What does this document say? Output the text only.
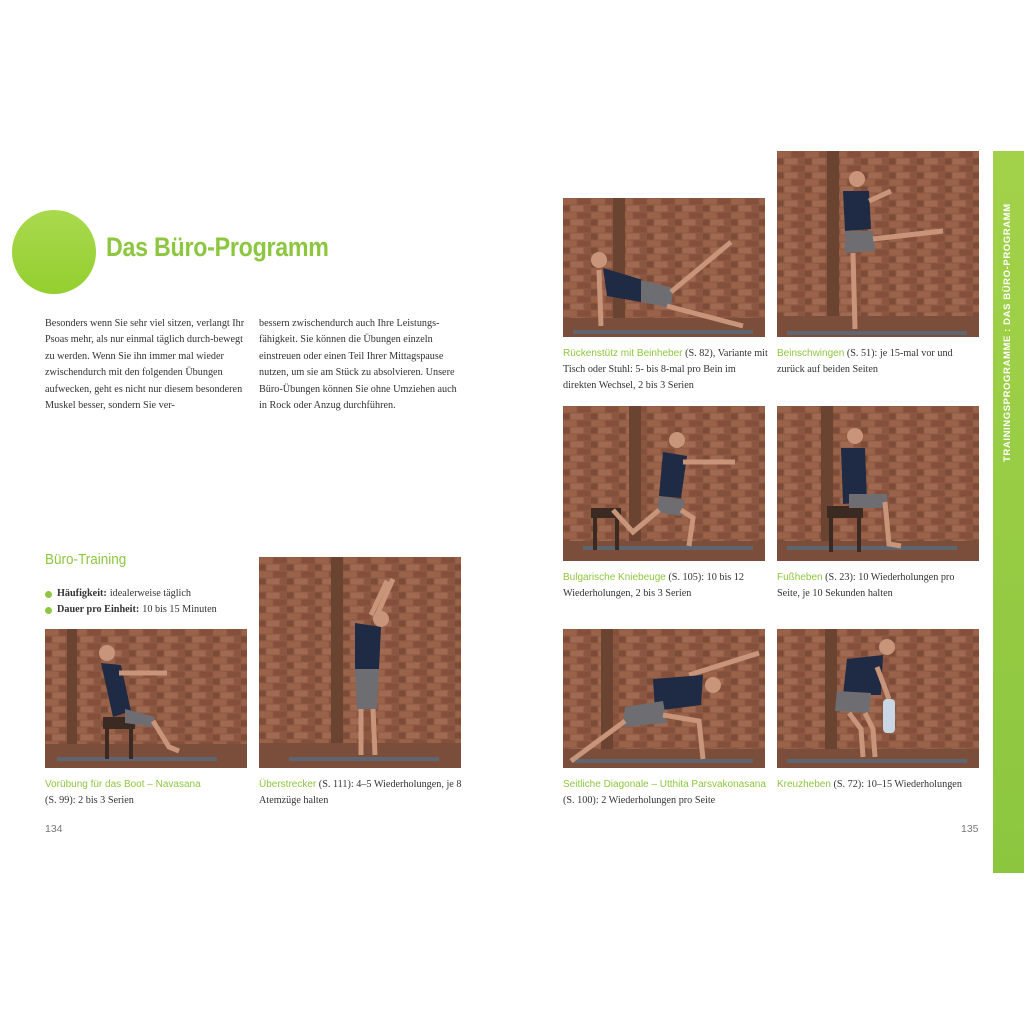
Das Büro-Programm
Besonders wenn Sie sehr viel sitzen, verlangt Ihr Psoas mehr, als nur einmal täglich durch-bewegt zu werden. Wenn Sie ihn immer mal wieder zwischendurch mit den folgenden Übungen aufwecken, geht es nicht nur diesem besonderen Muskel besser, sondern Sie ver-
bessern zwischendurch auch Ihre Leistungs-fähigkeit. Sie können die Übungen einzeln einstreuen oder einen Teil Ihrer Mittagspause nutzen, um sie am Stück zu absolvieren. Unsere Büro-Übungen können Sie ohne Umziehen auch in Rock oder Anzug durchführen.
Büro-Training
Häufigkeit: idealerweise täglich
Dauer pro Einheit: 10 bis 15 Minuten
Vorübung für das Boot – Navasana
(S. 99): 2 bis 3 Serien
Überstrecker (S. 111): 4–5 Wiederholungen, je 8 Atemzüge halten
Rückenstütz mit Beinheber (S. 82), Variante mit Tisch oder Stuhl: 5- bis 8-mal pro Bein im direkten Wechsel, 2 bis 3 Serien
Beinschwingen (S. 51): je 15-mal vor und zurück auf beiden Seiten
Bulgarische Kniebeuge (S. 105): 10 bis 12 Wiederholungen, 2 bis 3 Serien
Fußheben (S. 23): 10 Wiederholungen pro Seite, je 10 Sekunden halten
Seitliche Diagonale – Utthita Parsvakonasana
(S. 100): 2 Wiederholungen pro Seite
Kreuzheben (S. 72): 10–15 Wiederholungen
134	135
TRAININGSPROGRAMME : DAS BÜRO-PROGRAMM
